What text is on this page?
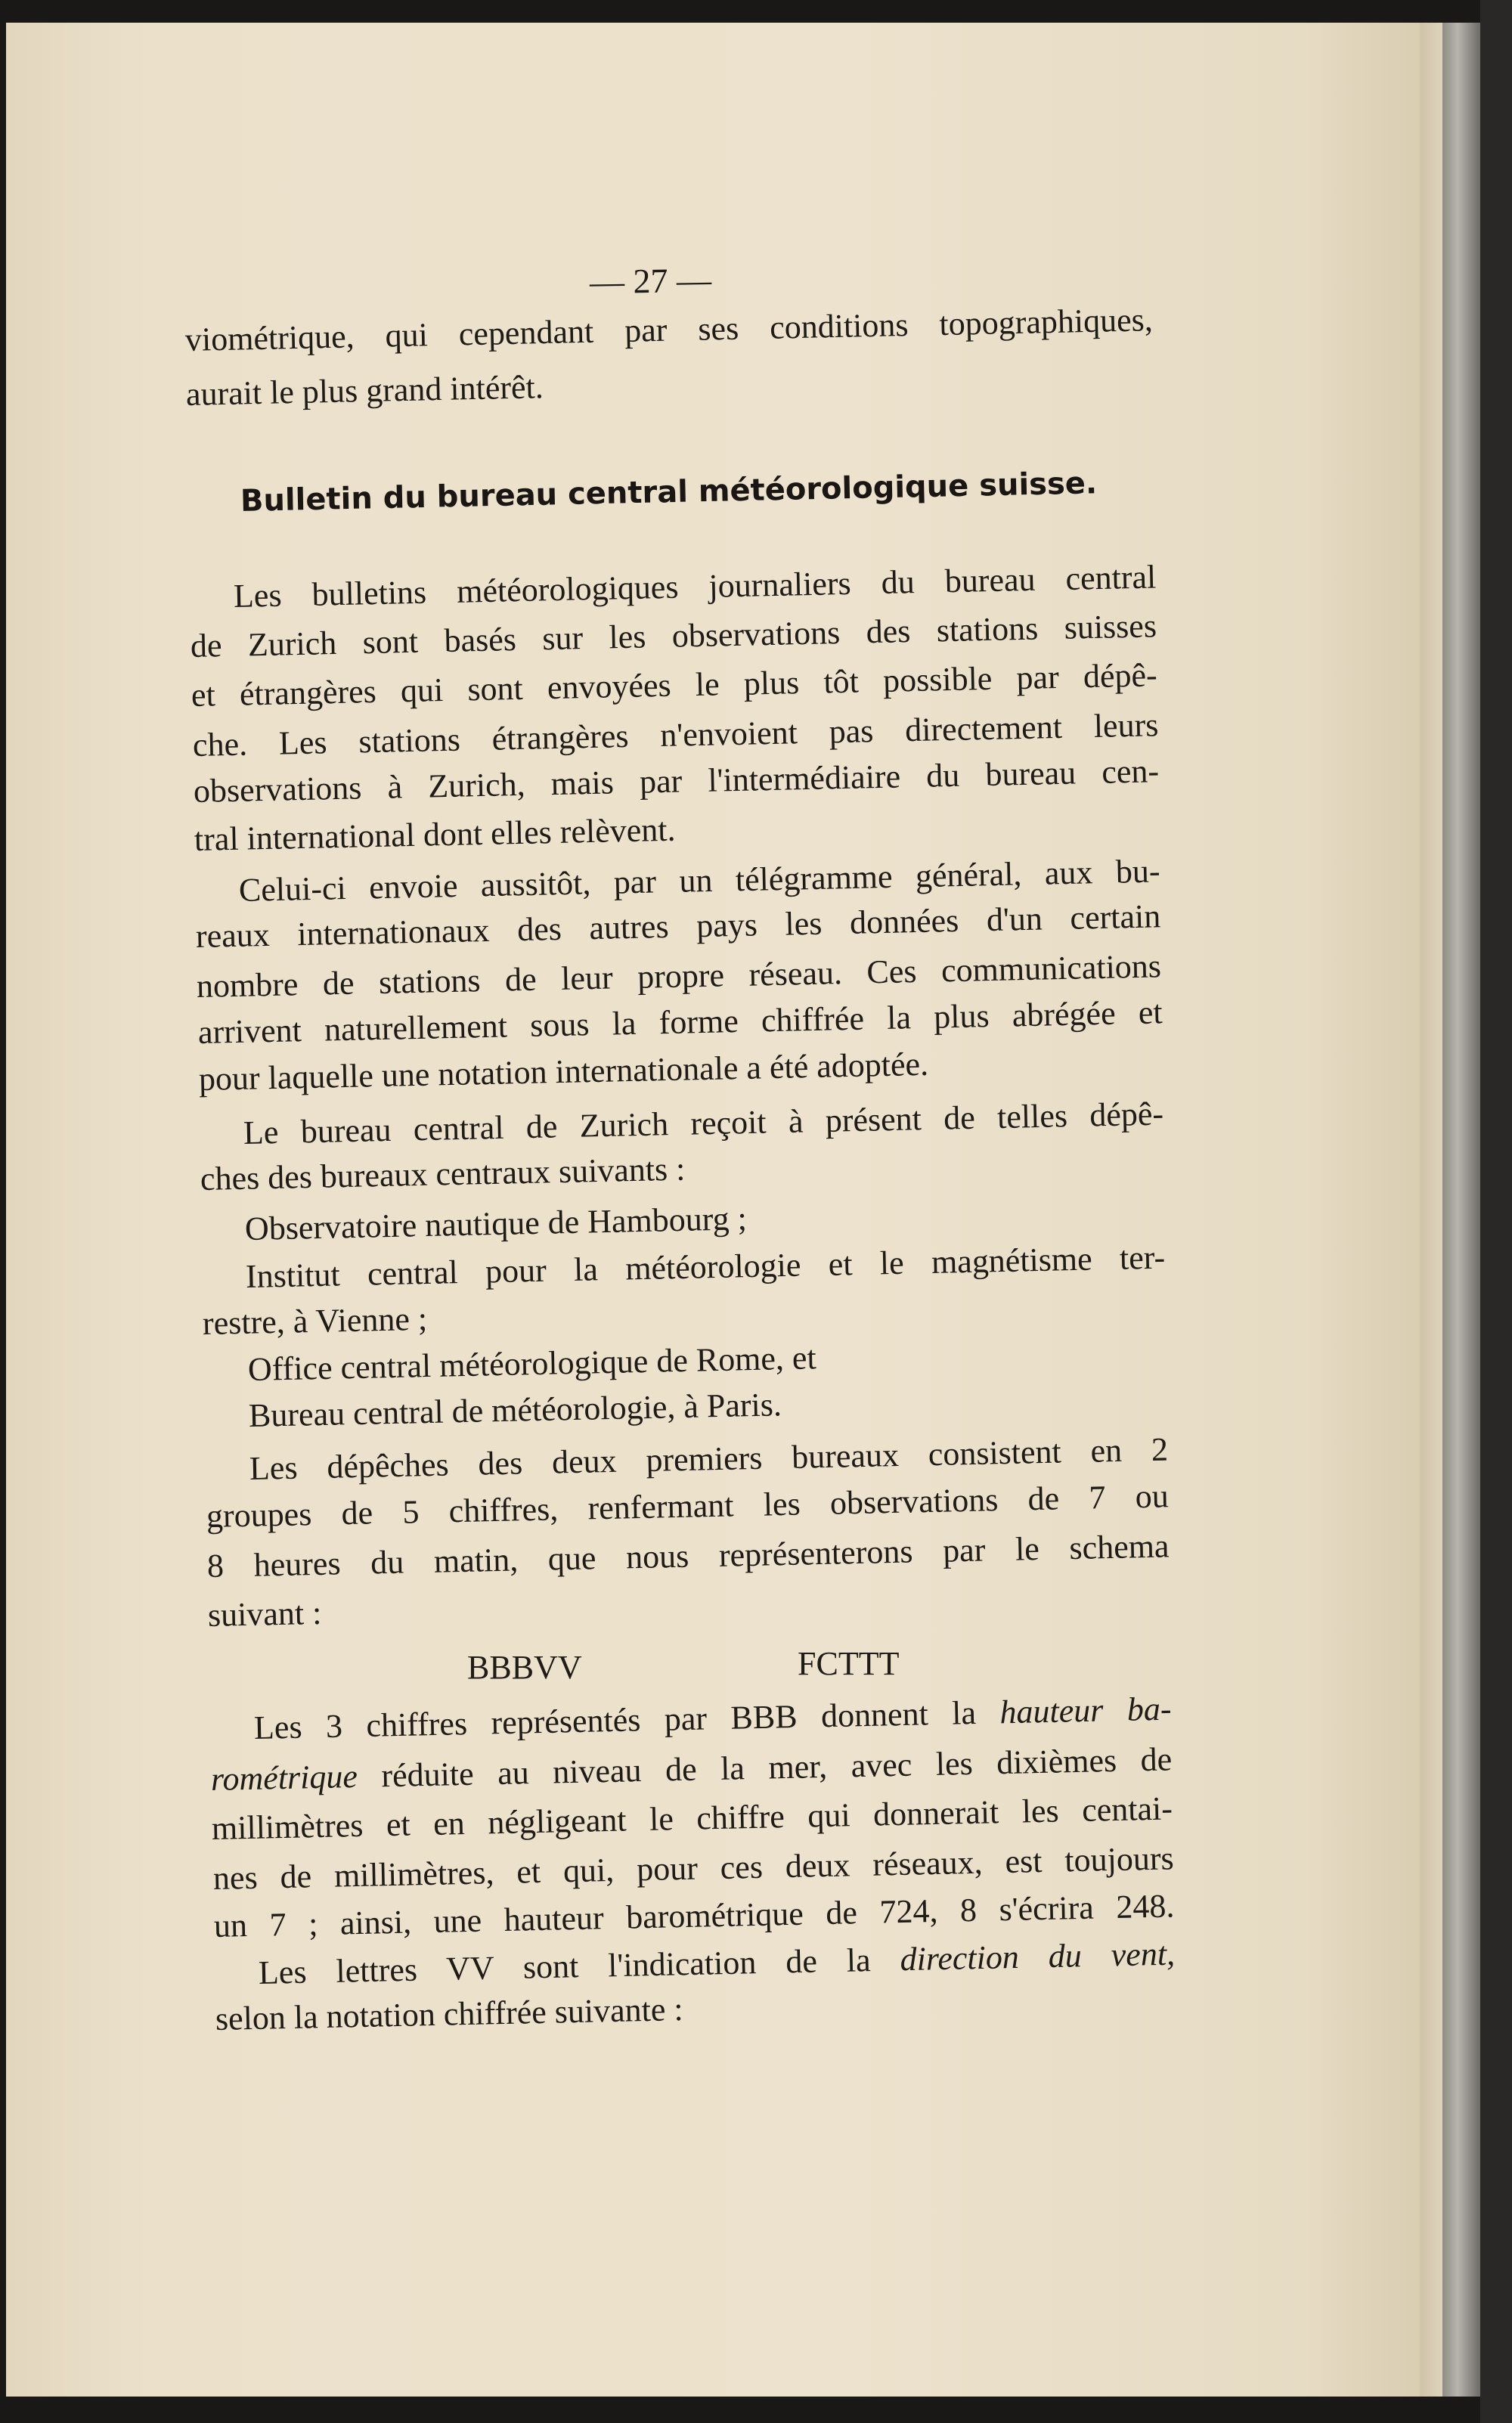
— 27 —
Bulletin du bureau central météorologique suisse.
BBBVV	FCTTT
viométrique, qui cependant par ses conditions topographiques,
aurait le plus grand intérêt.
Les bulletins météorologiques journaliers du bureau central
de Zurich sont basés sur les observations des stations suisses
et étrangères qui sont envoyées le plus tôt possible par dépê-
che. Les stations étrangères n'envoient pas directement leurs
observations à Zurich, mais par l'intermédiaire du bureau cen-
tral international dont elles relèvent.
Celui-ci envoie aussitôt, par un télégramme général, aux bu-
reaux internationaux des autres pays les données d'un certain
nombre de stations de leur propre réseau. Ces communications
arrivent naturellement sous la forme chiffrée la plus abrégée et
pour laquelle une notation internationale a été adoptée.
Le bureau central de Zurich reçoit à présent de telles dépê-
ches des bureaux centraux suivants :
Observatoire nautique de Hambourg ;
Institut central pour la météorologie et le magnétisme ter-
restre, à Vienne ;
Office central météorologique de Rome, et
Bureau central de météorologie, à Paris.
Les dépêches des deux premiers bureaux consistent en 2
groupes de 5 chiffres, renfermant les observations de 7 ou
8 heures du matin, que nous représenterons par le schema
suivant :
Les 3 chiffres représentés par BBB donnent la hauteur ba-
rométrique réduite au niveau de la mer, avec les dixièmes de
millimètres et en négligeant le chiffre qui donnerait les centai-
nes de millimètres, et qui, pour ces deux réseaux, est toujours
un 7 ; ainsi, une hauteur barométrique de 724, 8 s'écrira 248.
Les lettres VV sont l'indication de la direction du vent,
selon la notation chiffrée suivante :
